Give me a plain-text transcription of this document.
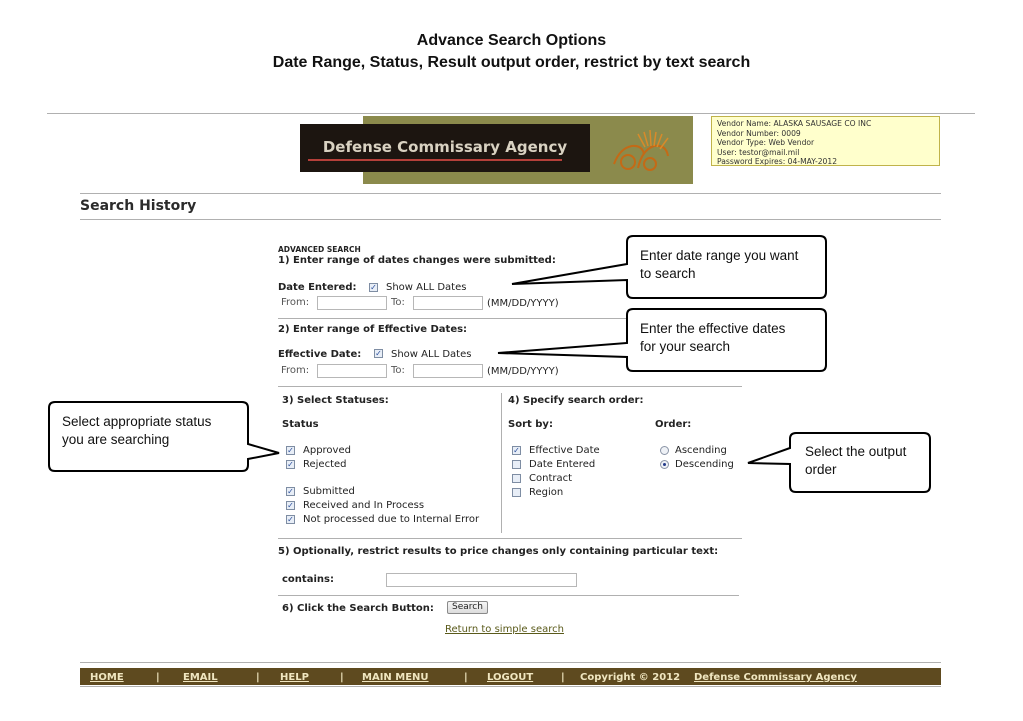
Advance Search Options
Date Range, Status, Result output order, restrict by text search
Defense Commissary Agency
Vendor Name: ALASKA SAUSAGE CO INC
Vendor Number: 0009
Vendor Type: Web Vendor
User: testor@mail.mil
Password Expires: 04-MAY-2012
Search History
ADVANCED SEARCH
1) Enter range of dates changes were submitted:
Date Entered: ✓	Show ALL Dates
From:	To:	(MM/DD/YYYY)
2) Enter range of Effective Dates:
Effective Date: ✓	Show ALL Dates
From:	To:	(MM/DD/YYYY)
3) Select Statuses:
Status
✓
Approved
✓
Rejected
✓
Submitted
✓
Received and In Process
✓
Not processed due to Internal Error
4) Specify search order:
Sort by:	Order:
✓
Effective Date
Date Entered
Contract
Region
Ascending
Descending
5) Optionally, restrict results to price changes only containing particular text:
contains:
6) Click the Search Button:	Search
Return to simple search
Enter date range you want
to search
Enter the effective dates
for your search
Select appropriate status
you are searching
Select the output
order
HOME	| EMAIL	| HELP	| MAIN MENU	| LOGOUT	| Copyright © 2012 Defense Commissary Agency
